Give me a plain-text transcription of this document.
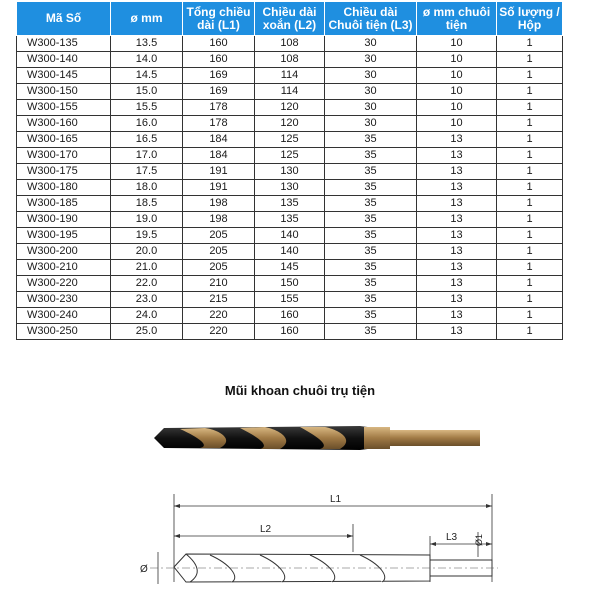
Mã Số	ø mm	Tổng chiều dài (L1)	Chiều dài xoắn (L2)	Chiều dài Chuôi tiện (L3)	ø mm chuôi tiện	Số lượng / Hộp
W300-135	13.5	160	108	30	10	1
W300-140	14.0	160	108	30	10	1
W300-145	14.5	169	114	30	10	1
W300-150	15.0	169	114	30	10	1
W300-155	15.5	178	120	30	10	1
W300-160	16.0	178	120	30	10	1
W300-165	16.5	184	125	35	13	1
W300-170	17.0	184	125	35	13	1
W300-175	17.5	191	130	35	13	1
W300-180	18.0	191	130	35	13	1
W300-185	18.5	198	135	35	13	1
W300-190	19.0	198	135	35	13	1
W300-195	19.5	205	140	35	13	1
W300-200	20.0	205	140	35	13	1
W300-210	21.0	205	145	35	13	1
W300-220	22.0	210	150	35	13	1
W300-230	23.0	215	155	35	13	1
W300-240	24.0	220	160	35	13	1
W300-250	25.0	220	160	35	13	1
Mũi khoan chuôi trụ tiện
L1
L2
L3
Ø
Ø1
